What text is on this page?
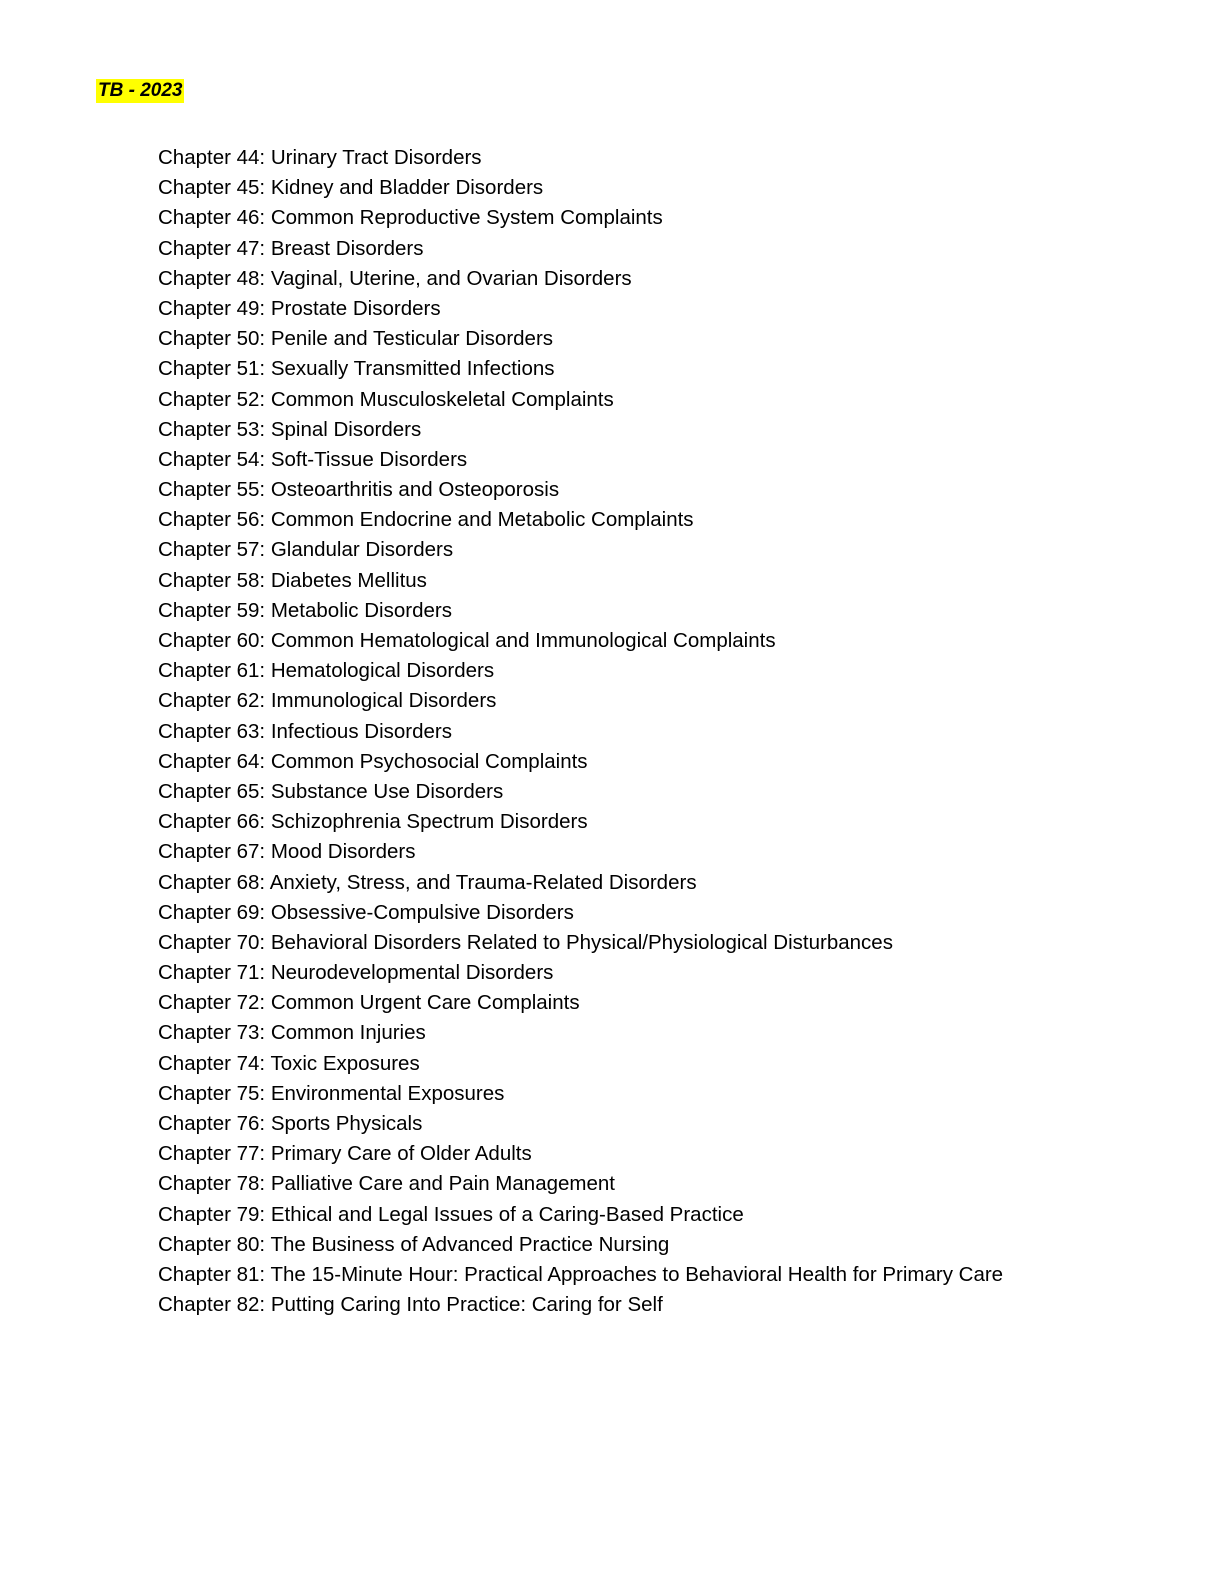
TB - 2023
Chapter 44: Urinary Tract Disorders
Chapter 45: Kidney and Bladder Disorders
Chapter 46: Common Reproductive System Complaints
Chapter 47: Breast Disorders
Chapter 48: Vaginal, Uterine, and Ovarian Disorders
Chapter 49: Prostate Disorders
Chapter 50: Penile and Testicular Disorders
Chapter 51: Sexually Transmitted Infections
Chapter 52: Common Musculoskeletal Complaints
Chapter 53: Spinal Disorders
Chapter 54: Soft-Tissue Disorders
Chapter 55: Osteoarthritis and Osteoporosis
Chapter 56: Common Endocrine and Metabolic Complaints
Chapter 57: Glandular Disorders
Chapter 58: Diabetes Mellitus
Chapter 59: Metabolic Disorders
Chapter 60: Common Hematological and Immunological Complaints
Chapter 61: Hematological Disorders
Chapter 62: Immunological Disorders
Chapter 63: Infectious Disorders
Chapter 64: Common Psychosocial Complaints
Chapter 65: Substance Use Disorders
Chapter 66: Schizophrenia Spectrum Disorders
Chapter 67: Mood Disorders
Chapter 68: Anxiety, Stress, and Trauma-Related Disorders
Chapter 69: Obsessive-Compulsive Disorders
Chapter 70: Behavioral Disorders Related to Physical/Physiological Disturbances
Chapter 71: Neurodevelopmental Disorders
Chapter 72: Common Urgent Care Complaints
Chapter 73: Common Injuries
Chapter 74: Toxic Exposures
Chapter 75: Environmental Exposures
Chapter 76: Sports Physicals
Chapter 77: Primary Care of Older Adults
Chapter 78: Palliative Care and Pain Management
Chapter 79: Ethical and Legal Issues of a Caring-Based Practice
Chapter 80: The Business of Advanced Practice Nursing
Chapter 81: The 15-Minute Hour: Practical Approaches to Behavioral Health for Primary Care
Chapter 82: Putting Caring Into Practice: Caring for Self
